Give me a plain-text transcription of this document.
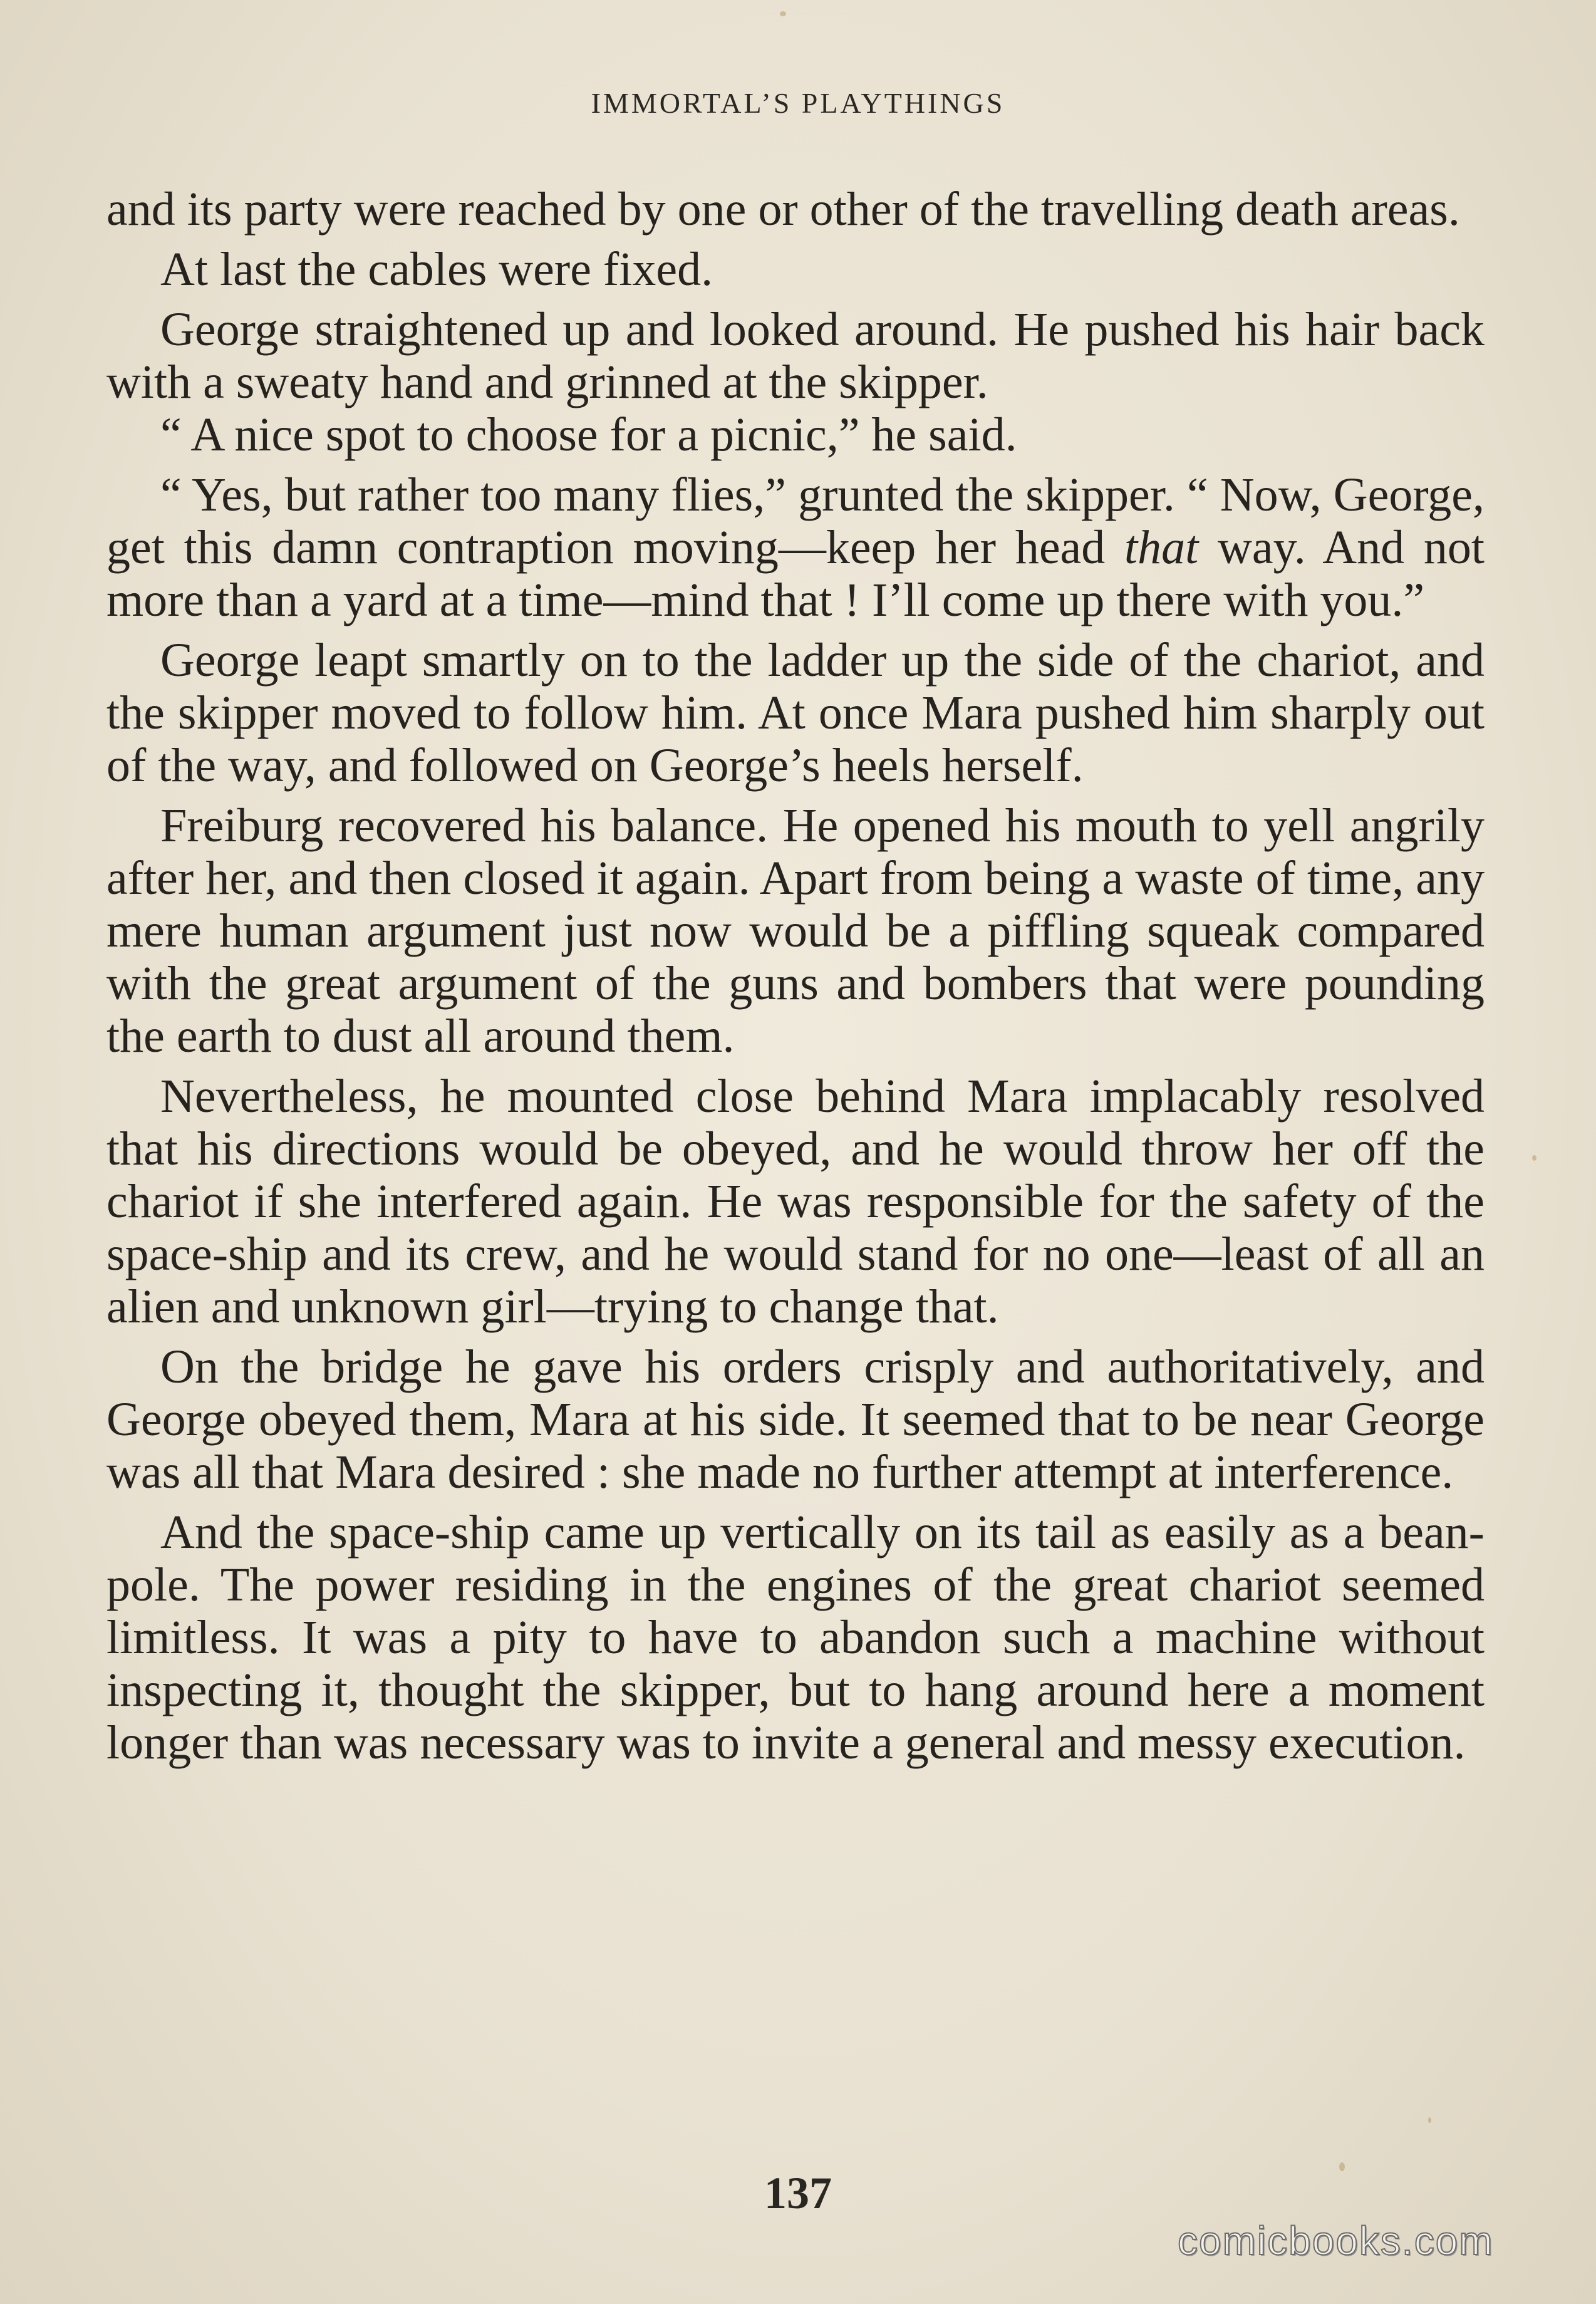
IMMORTAL’S PLAYTHINGS

and its party were reached by one or other of the travelling death areas.

At last the cables were fixed.

George straightened up and looked around. He pushed his hair back with a sweaty hand and grinned at the skipper.

“ A nice spot to choose for a picnic,” he said.

“ Yes, but rather too many flies,” grunted the skipper. “ Now, George, get this damn contraption moving—keep her head that way. And not more than a yard at a time—mind that ! I’ll come up there with you.”

George leapt smartly on to the ladder up the side of the chariot, and the skipper moved to follow him. At once Mara pushed him sharply out of the way, and followed on George’s heels herself.

Freiburg recovered his balance. He opened his mouth to yell angrily after her, and then closed it again. Apart from being a waste of time, any mere human argument just now would be a piffling squeak compared with the great argument of the guns and bombers that were pounding the earth to dust all around them.

Nevertheless, he mounted close behind Mara implacably resolved that his directions would be obeyed, and he would throw her off the chariot if she interfered again. He was responsible for the safety of the space-ship and its crew, and he would stand for no one—least of all an alien and unknown girl—trying to change that.

On the bridge he gave his orders crisply and authoritatively, and George obeyed them, Mara at his side. It seemed that to be near George was all that Mara desired : she made no further attempt at interference.

And the space-ship came up vertically on its tail as easily as a bean-pole. The power residing in the engines of the great chariot seemed limitless. It was a pity to have to abandon such a machine without inspecting it, thought the skipper, but to hang around here a moment longer than was necessary was to invite a general and messy execution.

137
comicbooks.com
